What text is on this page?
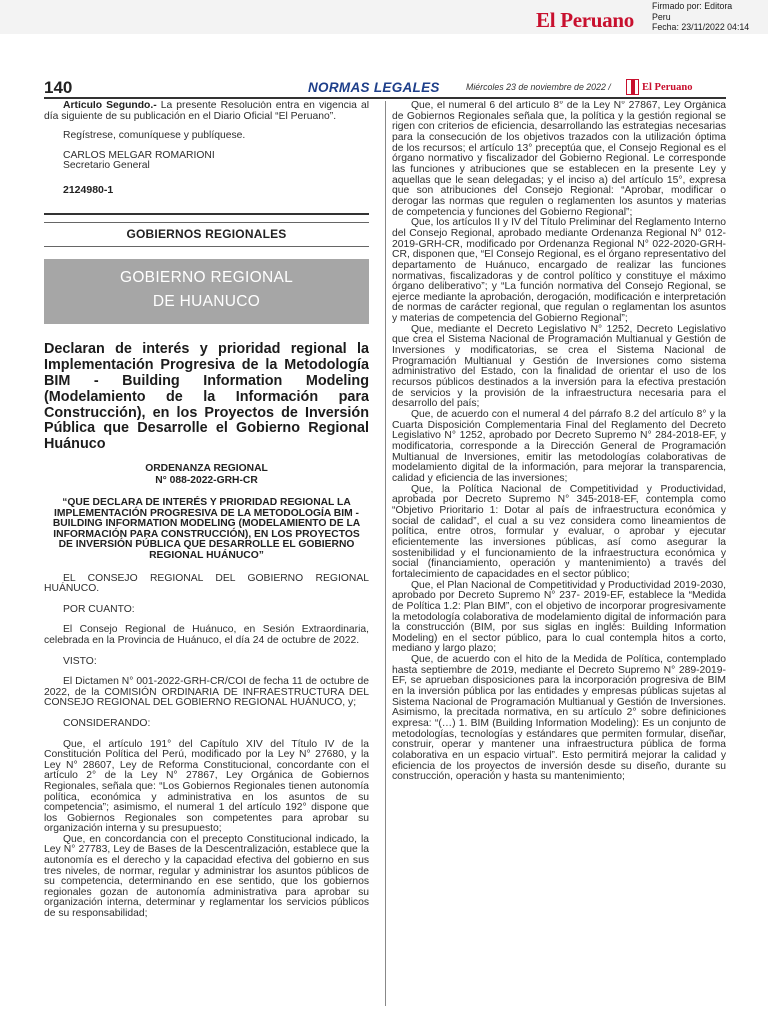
El Peruano
Firmado por: Editora
Peru
Fecha: 23/11/2022 04:14
140	NORMAS LEGALES	Miércoles 23 de noviembre de 2022 /	El Peruano

Artículo Segundo.- La presente Resolución entra en vigencia al día siguiente de su publicación en el Diario Oficial “El Peruano”.

Regístrese, comuníquese y publíquese.

CARLOS MELGAR ROMARIONI
Secretario General
2124980-1
GOBIERNOS REGIONALES
GOBIERNO REGIONAL
DE HUANUCO
Declaran de interés y prioridad regional la Implementación Progresiva de la Metodología BIM - Building Information Modeling (Modelamiento de la Información para Construcción), en los Proyectos de Inversión Pública que Desarrolle el Gobierno Regional Huánuco
ORDENANZA REGIONAL
N° 088-2022-GRH-CR
“QUE DECLARA DE INTERÉS Y PRIORIDAD REGIONAL LA IMPLEMENTACIÓN PROGRESIVA DE LA METODOLOGÍA BIM - BUILDING INFORMATION MODELING (MODELAMIENTO DE LA INFORMACIÓN PARA CONSTRUCCIÓN), EN LOS PROYECTOS DE INVERSIÓN PÚBLICA QUE DESARROLLE EL GOBIERNO REGIONAL HUÁNUCO”

EL CONSEJO REGIONAL DEL GOBIERNO REGIONAL HUÁNUCO.

POR CUANTO:

El Consejo Regional de Huánuco, en Sesión Extraordinaria, celebrada en la Provincia de Huánuco, el día 24 de octubre de 2022.

VISTO:

El Dictamen N° 001-2022-GRH-CR/COI de fecha 11 de octubre de 2022, de la COMISIÓN ORDINARIA DE INFRAESTRUCTURA DEL CONSEJO REGIONAL DEL GOBIERNO REGIONAL HUÁNUCO, y;

CONSIDERANDO:

Que, el artículo 191° del Capítulo XIV del Título IV de la Constitución Política del Perú, modificado por la Ley N° 27680, y la Ley N° 28607, Ley de Reforma Constitucional, concordante con el artículo 2° de la Ley N° 27867, Ley Orgánica de Gobiernos Regionales, señala que: “Los Gobiernos Regionales tienen autonomía política, económica y administrativa en los asuntos de su competencia”; asimismo, el numeral 1 del artículo 192° dispone que los Gobiernos Regionales son competentes para aprobar su organización interna y su presupuesto;

Que, en concordancia con el precepto Constitucional indicado, la Ley N° 27783, Ley de Bases de la Descentralización, establece que la autonomía es el derecho y la capacidad efectiva del gobierno en sus tres niveles, de normar, regular y administrar los asuntos públicos de su competencia, determinando en ese sentido, que los gobiernos regionales gozan de autonomía administrativa para aprobar su organización interna, determinar y reglamentar los servicios públicos de su responsabilidad;

Que, el numeral 6 del artículo 8° de la Ley N° 27867, Ley Orgánica de Gobiernos Regionales señala que, la política y la gestión regional se rigen con criterios de eficiencia, desarrollando las estrategias necesarias para la consecución de los objetivos trazados con la utilización óptima de los recursos; el artículo 13° preceptúa que, el Consejo Regional es el órgano normativo y fiscalizador del Gobierno Regional. Le corresponde las funciones y atribuciones que se establecen en la presente Ley y aquellas que le sean delegadas; y el inciso a) del artículo 15°, expresa que son atribuciones del Consejo Regional: “Aprobar, modificar o derogar las normas que regulen o reglamenten los asuntos y materias de competencia y funciones del Gobierno Regional”;

Que, los artículos II y IV del Título Preliminar del Reglamento Interno del Consejo Regional, aprobado mediante Ordenanza Regional N° 012-2019-GRH-CR, modificado por Ordenanza Regional N° 022-2020-GRH-CR, disponen que, “El Consejo Regional, es el órgano representativo del departamento de Huánuco, encargado de realizar las funciones normativas, fiscalizadoras y de control político y constituye el máximo órgano deliberativo”; y “La función normativa del Consejo Regional, se ejerce mediante la aprobación, derogación, modificación e interpretación de normas de carácter regional, que regulan o reglamentan los asuntos y materias de competencia del Gobierno Regional”;

Que, mediante el Decreto Legislativo N° 1252, Decreto Legislativo que crea el Sistema Nacional de Programación Multianual y Gestión de Inversiones y modificatorias, se crea el Sistema Nacional de Programación Multianual y Gestión de Inversiones como sistema administrativo del Estado, con la finalidad de orientar el uso de los recursos públicos destinados a la inversión para la efectiva prestación de servicios y la provisión de la infraestructura necesaria para el desarrollo del país;

Que, de acuerdo con el numeral 4 del párrafo 8.2 del artículo 8° y la Cuarta Disposición Complementaria Final del Reglamento del Decreto Legislativo N° 1252, aprobado por Decreto Supremo N° 284-2018-EF, y modificatoria, corresponde a la Dirección General de Programación Multianual de Inversiones, emitir las metodologías colaborativas de modelamiento digital de la información, para mejorar la transparencia, calidad y eficiencia de las inversiones;

Que, la Política Nacional de Competitividad y Productividad, aprobada por Decreto Supremo N° 345-2018-EF, contempla como “Objetivo Prioritario 1: Dotar al país de infraestructura económica y social de calidad”, el cual a su vez considera como lineamientos de política, entre otros, formular y evaluar, o aprobar y ejecutar eficientemente las inversiones públicas, así como asegurar la sostenibilidad y el funcionamiento de la infraestructura económica y social (financiamiento, operación y mantenimiento) a través del fortalecimiento de capacidades en el sector público;

Que, el Plan Nacional de Competitividad y Productividad 2019-2030, aprobado por Decreto Supremo N° 237- 2019-EF, establece la “Medida de Política 1.2: Plan BIM”, con el objetivo de incorporar progresivamente la metodología colaborativa de modelamiento digital de información para la construcción (BIM, por sus siglas en inglés: Building Information Modeling) en el sector público, para lo cual contempla hitos a corto, mediano y largo plazo;

Que, de acuerdo con el hito de la Medida de Política, contemplado hasta septiembre de 2019, mediante el Decreto Supremo N° 289-2019-EF, se aprueban disposiciones para la incorporación progresiva de BIM en la inversión pública por las entidades y empresas públicas sujetas al Sistema Nacional de Programación Multianual y Gestión de Inversiones. Asimismo, la precitada normativa, en su artículo 2° sobre definiciones expresa: “(…) 1. BIM (Building Information Modeling): Es un conjunto de metodologías, tecnologías y estándares que permiten formular, diseñar, construir, operar y mantener una infraestructura pública de forma colaborativa en un espacio virtual”. Esto permitirá mejorar la calidad y eficiencia de los proyectos de inversión desde su diseño, durante su construcción, operación y hasta su mantenimiento;
